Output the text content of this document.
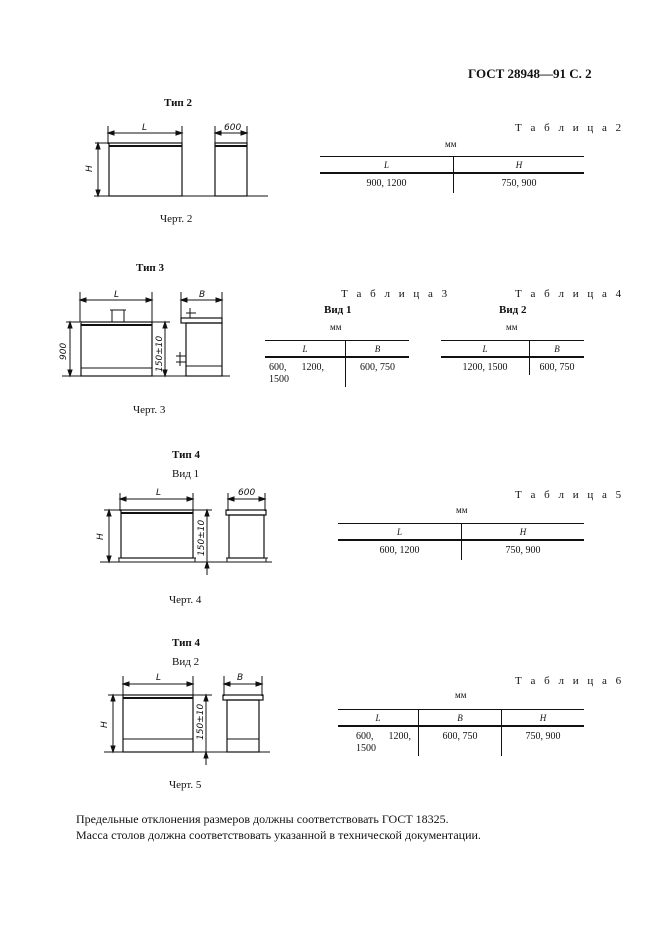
ГОСТ 28948—91 С. 2
Тип 2
L	600
H
Черт. 2
Т а б л и ц а 2
мм
L	H
900, 1200	750, 900
Тип 3
L	B
900	150±10
Черт. 3
Т а б л и ц а 3
Вид 1
мм
L	B

600,      1200,
1500	600, 750
Т а б л и ц а 4
Вид 2
мм
L	B
1200, 1500	600, 750
Тип 4
Вид 1
L	600
H	150±10
Черт. 4
Т а б л и ц а 5
мм
L	H
600, 1200	750, 900
Тип 4
Вид 2
L	B
H	150±10
Черт. 5
Т а б л и ц а 6
мм
L	B	H

600,      1200,
1500	600, 750	750, 900
Предельные отклонения размеров должны соответствовать ГОСТ 18325.
Масса столов должна соответствовать указанной в технической документации.
